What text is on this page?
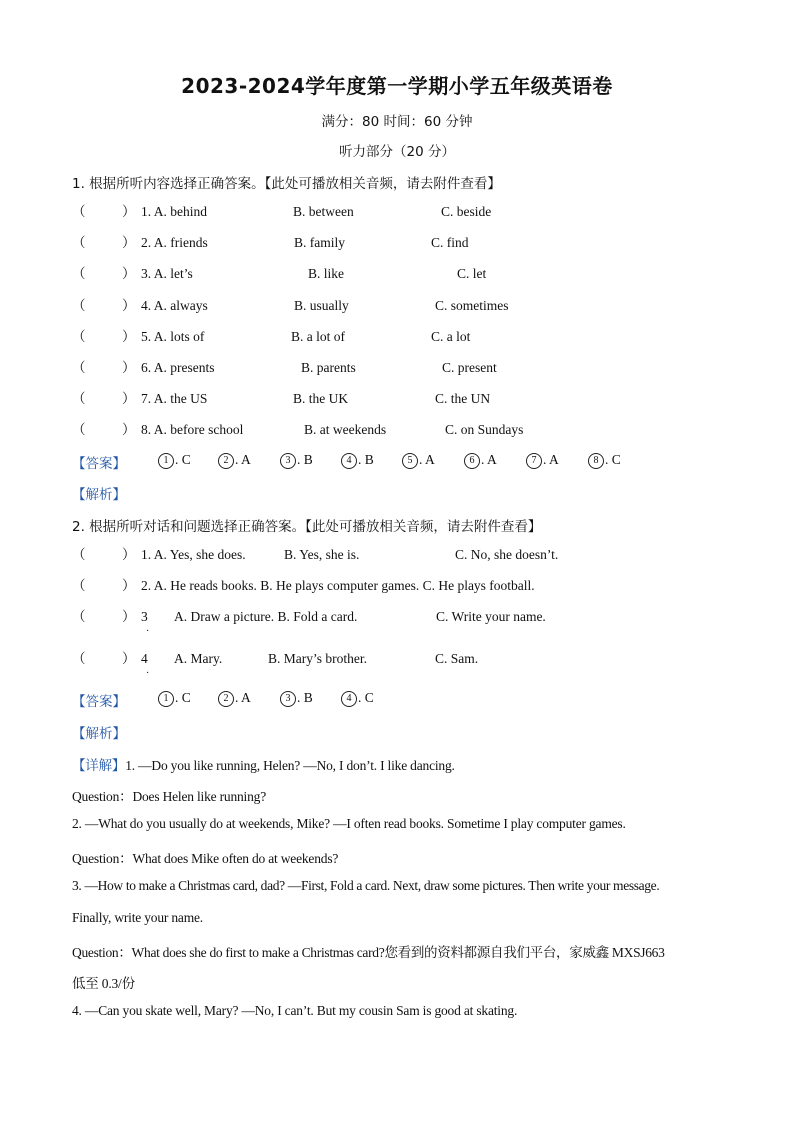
2023-2024学年度第一学期小学五年级英语卷
满分：80 时间：60 分钟
听力部分（20 分）
1. 根据所听内容选择正确答案。【此处可播放相关音频，请去附件查看】
（	） 1. A. behind	B. between	C. beside
（	） 2. A. friends	B. family	C. find
（	） 3. A. let’s	B. like	C. let
（	） 4. A. always	B. usually	C. sometimes
（	） 5. A. lots of	B. a lot of	C. a lot
（	） 6. A. presents	B. parents	C. present
（	） 7. A. the US	B. the UK	C. the UN
（	） 8. A. before school	B. at weekends	C. on Sundays
【答案】	1 . C	2 . A	3 . B	4 . B	5 . A	6 . A	7 . A	8 . C
【解析】
2. 根据所听对话和问题选择正确答案。【此处可播放相关音频，请去附件查看】
（	） 1. A. Yes, she does.	B. Yes, she is.	C. No, she doesn’t.
（	） 2. A. He reads books. B. He plays computer games. C. He plays football.
（	） 3 A. Draw a picture. B. Fold a card.	C. Write your name.
·
（	） 4 A. Mary.	B. Mary’s brother.	C. Sam.
·
【答案】	1 . C	2 . A	3 . B	4 . C
【解析】
【详解】1. —Do you like running, Helen? —No, I don’t. I like dancing.
Question：Does Helen like running?
2. —What do you usually do at weekends, Mike? —I often read books. Sometime I play computer games.
Question：What does Mike often do at weekends?
3. —How to make a Christmas card, dad? —First, Fold a card. Next, draw some pictures. Then write your message.
Finally, write your name.
Question：What does she do first to make a Christmas card?您看到的资料都源自我们平台，家威鑫 MXSJ663
低至 0.3/份
4. —Can you skate well, Mary? —No, I can’t. But my cousin Sam is good at skating.
